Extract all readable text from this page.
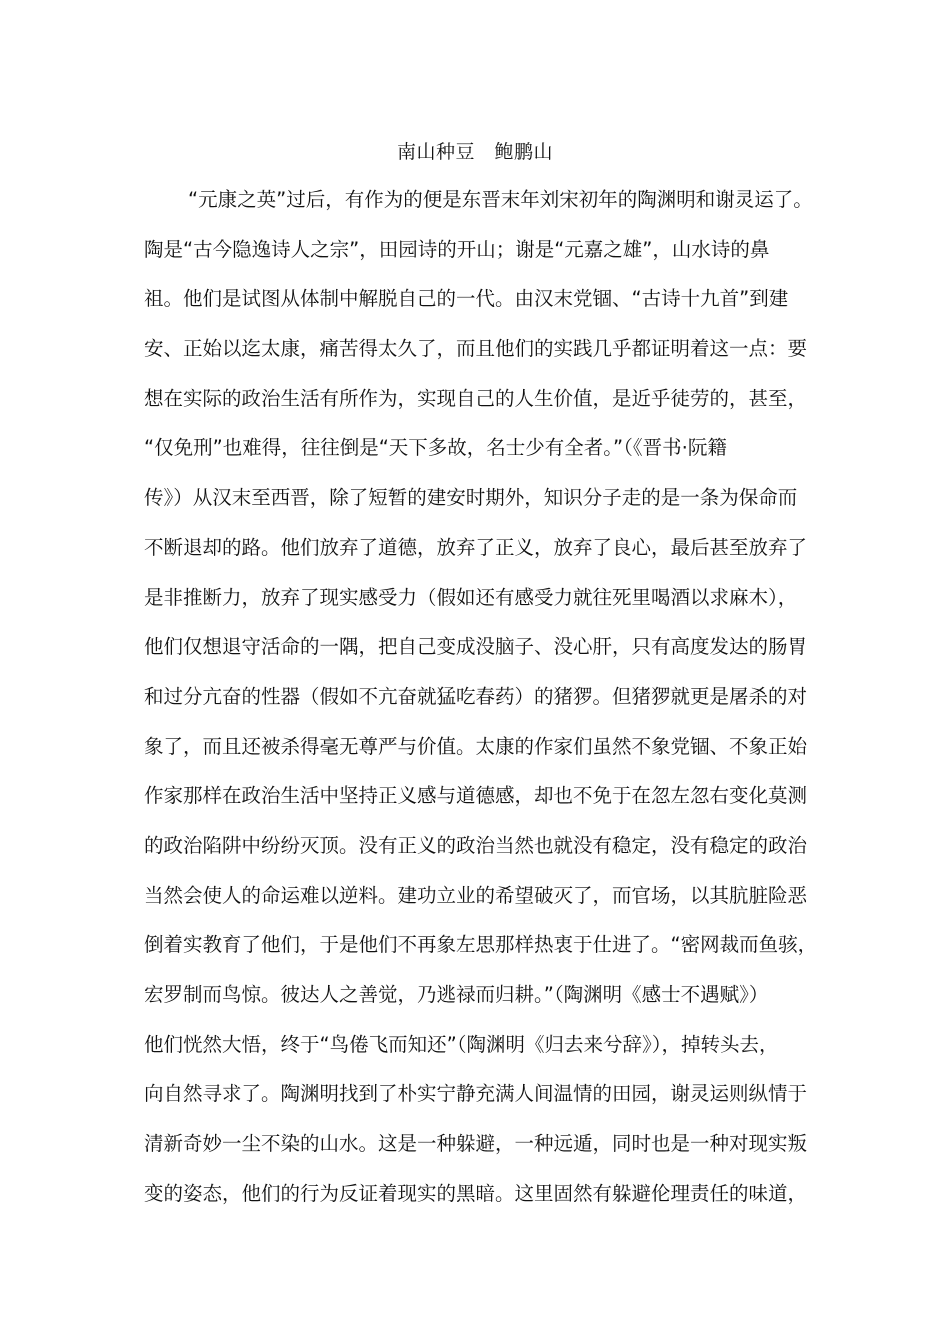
南山种豆　鲍鹏山
“元康之英”过后，有作为的便是东晋末年刘宋初年的陶渊明和谢灵运了。
陶是“古今隐逸诗人之宗”，田园诗的开山；谢是“元嘉之雄”，山水诗的鼻
祖。他们是试图从体制中解脱自己的一代。由汉末党锢、“古诗十九首”到建
安、正始以迄太康，痛苦得太久了，而且他们的实践几乎都证明着这一点：要
想在实际的政治生活有所作为，实现自己的人生价值，是近乎徒劳的，甚至，
“仅免刑”也难得，往往倒是“天下多故，名士少有全者。”（《晋书·阮籍
传》）从汉末至西晋，除了短暂的建安时期外，知识分子走的是一条为保命而
不断退却的路。他们放弃了道德，放弃了正义，放弃了良心，最后甚至放弃了
是非推断力，放弃了现实感受力（假如还有感受力就往死里喝酒以求麻木），
他们仅想退守活命的一隅，把自己变成没脑子、没心肝，只有高度发达的肠胃
和过分亢奋的性器（假如不亢奋就猛吃春药）的猪猡。但猪猡就更是屠杀的对
象了，而且还被杀得毫无尊严与价值。太康的作家们虽然不象党锢、不象正始
作家那样在政治生活中坚持正义感与道德感，却也不免于在忽左忽右变化莫测
的政治陷阱中纷纷灭顶。没有正义的政治当然也就没有稳定，没有稳定的政治
当然会使人的命运难以逆料。建功立业的希望破灭了，而官场，以其肮脏险恶
倒着实教育了他们，于是他们不再象左思那样热衷于仕进了。“密网裁而鱼骇，
宏罗制而鸟惊。彼达人之善觉，乃逃禄而归耕。”（陶渊明《感士不遇赋》）
他们恍然大悟，终于“鸟倦飞而知还”（陶渊明《归去来兮辞》），掉转头去，
向自然寻求了。陶渊明找到了朴实宁静充满人间温情的田园，谢灵运则纵情于
清新奇妙一尘不染的山水。这是一种躲避，一种远遁，同时也是一种对现实叛
变的姿态，他们的行为反证着现实的黑暗。这里固然有躲避伦理责任的味道，
